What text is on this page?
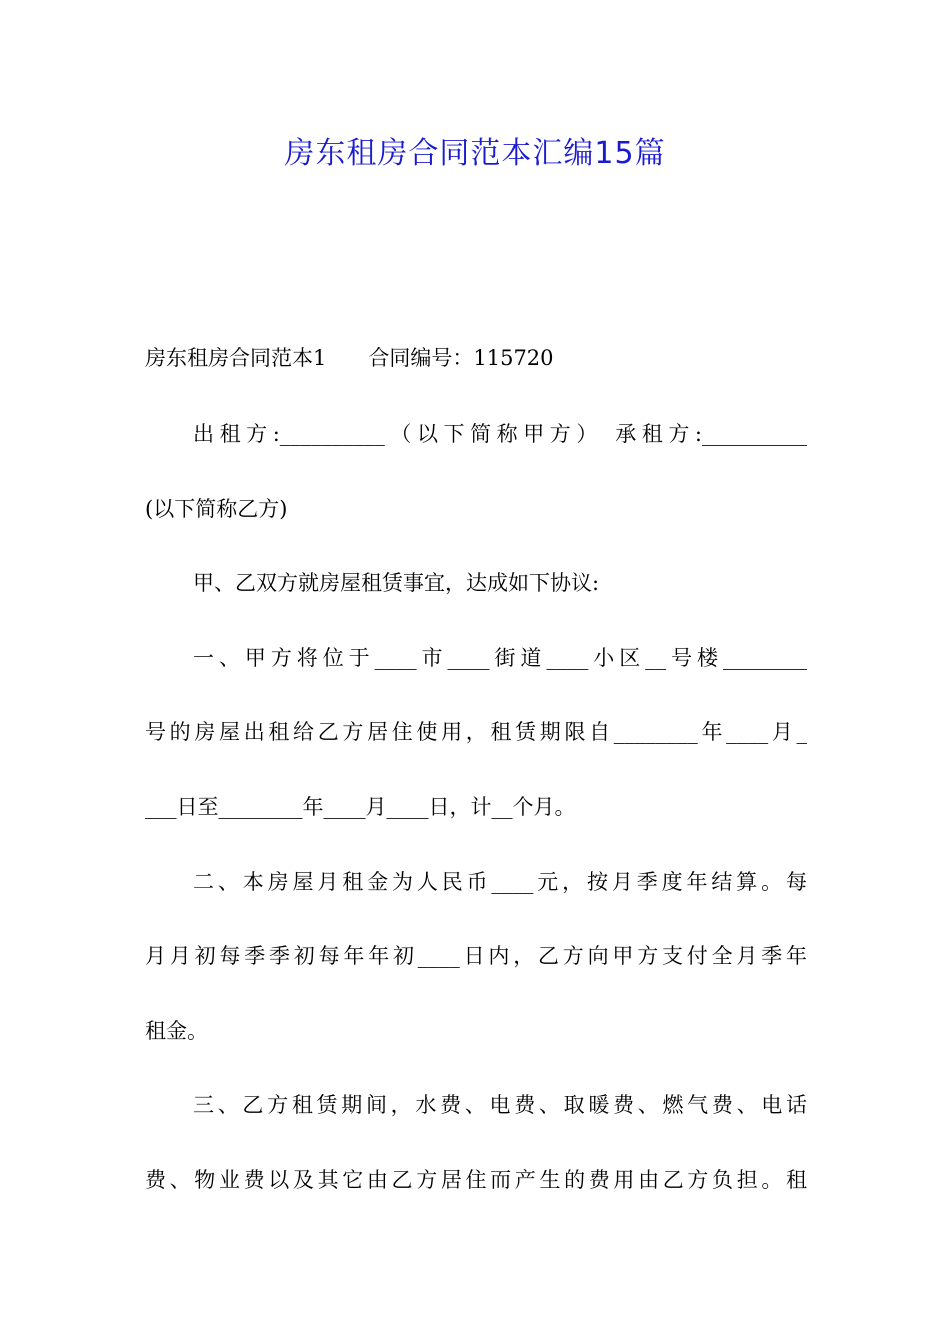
房东租房合同范本汇编15篇
房东租房合同范本1　　合同编号：115720
出租方:__________（以下简称甲方） 承租方:__________
(以下简称乙方)
甲、乙双方就房屋租赁事宜，达成如下协议:
一、甲方将位于____市____街道____小区__号楼________
号的房屋出租给乙方居住使用，租赁期限自________年____月_
___日至________年____月____日，计__个月。
二、本房屋月租金为人民币____元，按月季度年结算。每
月月初每季季初每年年初____日内，乙方向甲方支付全月季年
租金。
三、乙方租赁期间，水费、电费、取暖费、燃气费、电话
费、物业费以及其它由乙方居住而产生的费用由乙方负担。租
